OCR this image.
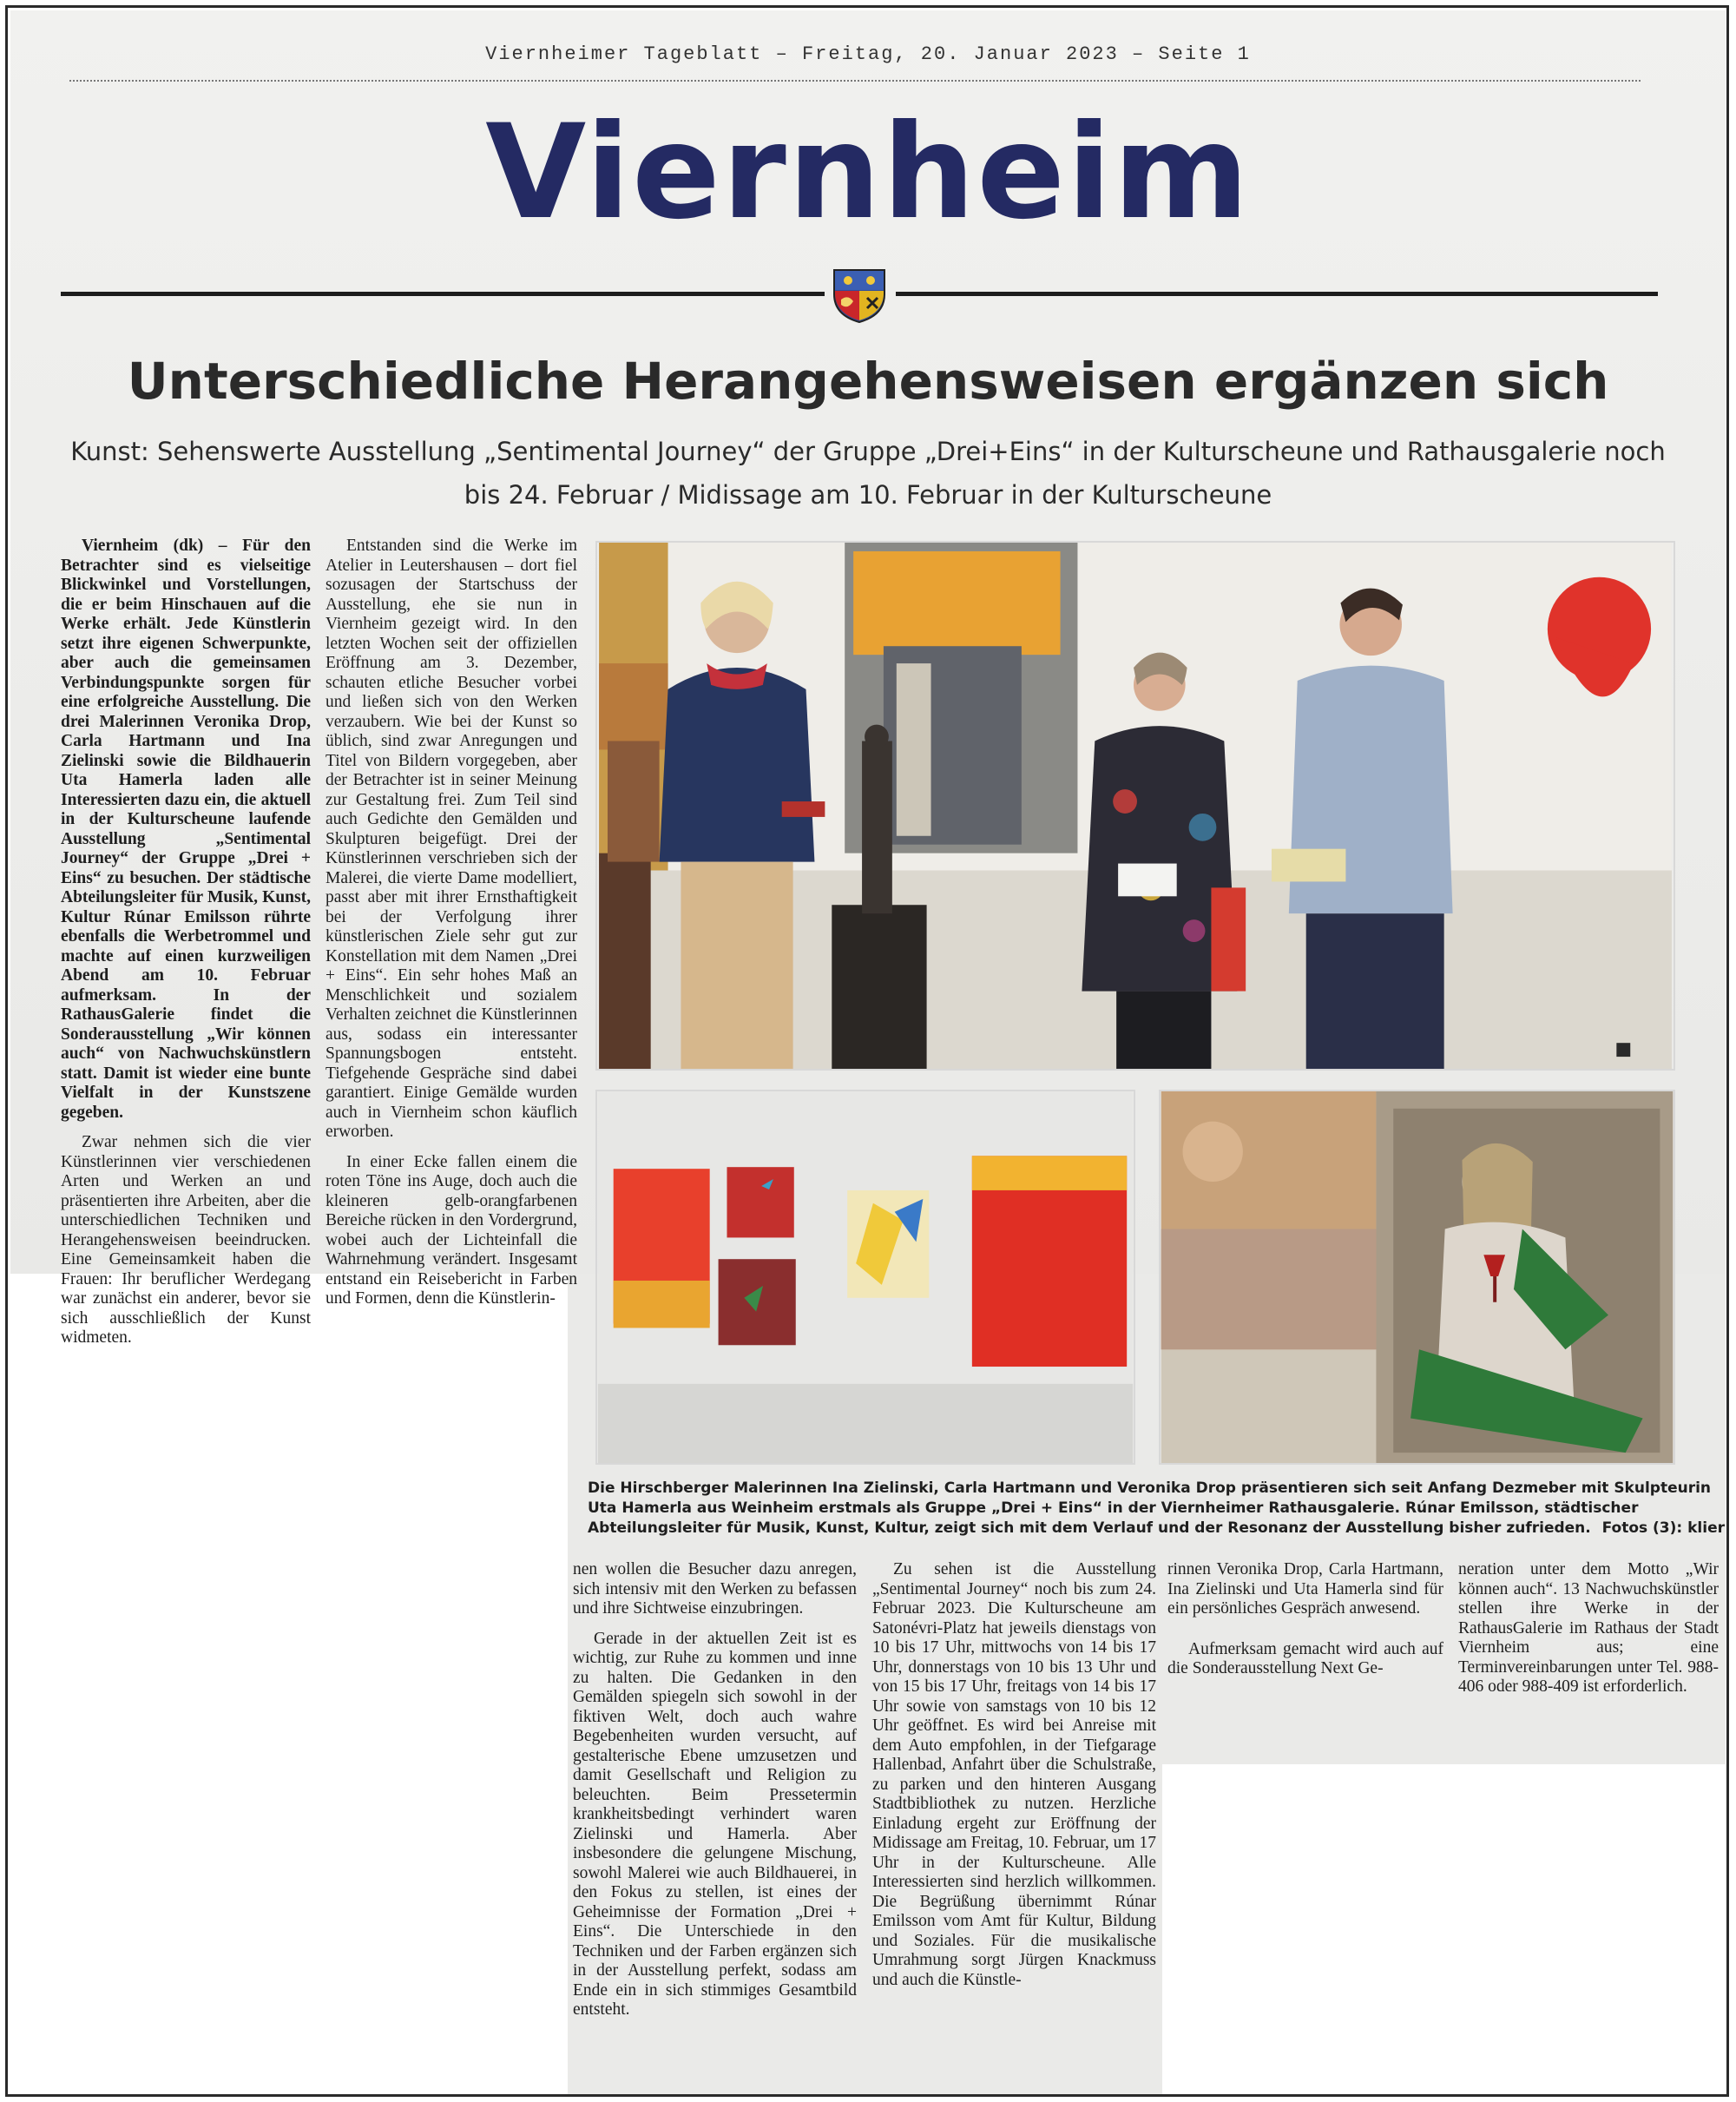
Viernheimer Tageblatt – Freitag, 20. Januar 2023 – Seite 1
Viernheim
Unterschiedliche Herangehensweisen ergänzen sich
Kunst: Sehenswerte Ausstellung „Sentimental Journey“ der Gruppe „Drei+Eins“ in der Kulturscheune und Rathausgalerie noch
bis 24. Februar / Midissage am 10. Februar in der Kulturscheune

Viernheim (dk) – Für den Betrachter sind es vielseitige Blickwinkel und Vorstellungen, die er beim Hinschauen auf die Werke erhält. Jede Künstlerin setzt ihre eigenen Schwerpunkte, aber auch die gemeinsamen Verbindungspunkte sorgen für eine erfolgreiche Ausstellung. Die drei Malerinnen Veronika Drop, Carla Hartmann und Ina Zielinski sowie die Bildhauerin Uta Hamerla laden alle Interessierten dazu ein, die aktuell in der Kulturscheune laufende Ausstellung „Sentimental Journey“ der Gruppe „Drei + Eins“ zu besuchen. Der städtische Abteilungsleiter für Musik, Kunst, Kultur Rúnar Emilsson rührte ebenfalls die Werbetrommel und machte auf einen kurzweiligen Abend am 10. Februar aufmerksam. In der RathausGalerie findet die Sonderausstellung „Wir können auch“ von Nachwuchskünstlern statt. Damit ist wieder eine bunte Vielfalt in der Kunstszene gegeben.

Zwar nehmen sich die vier Künstlerinnen vier verschiedenen Arten und Werken an und präsentierten ihre Arbeiten, aber die unterschiedlichen Techniken und Herangehensweisen beeindrucken. Eine Gemeinsamkeit haben die Frauen: Ihr beruflicher Werdegang war zunächst ein anderer, bevor sie sich ausschließlich der Kunst widmeten.

Entstanden sind die Werke im Atelier in Leutershausen – dort fiel sozusagen der Startschuss der Ausstellung, ehe sie nun in Viernheim gezeigt wird. In den letzten Wochen seit der offiziellen Eröffnung am 3. Dezember, schauten etliche Besucher vorbei und ließen sich von den Werken verzaubern. Wie bei der Kunst so üblich, sind zwar Anregungen und Titel von Bildern vorgegeben, aber der Betrachter ist in seiner Meinung zur Gestaltung frei. Zum Teil sind auch Gedichte den Gemälden und Skulpturen beigefügt. Drei der Künstlerinnen verschrieben sich der Malerei, die vierte Dame modelliert, passt aber mit ihrer Ernsthaftigkeit bei der Verfolgung ihrer künstlerischen Ziele sehr gut zur Konstellation mit dem Namen „Drei + Eins“. Ein sehr hohes Maß an Menschlichkeit und sozialem Verhalten zeichnet die Künstlerinnen aus, sodass ein interessanter Spannungsbogen entsteht. Tiefgehende Gespräche sind dabei garantiert. Einige Gemälde wurden auch in Viernheim schon käuflich erworben.

In einer Ecke fallen einem die roten Töne ins Auge, doch auch die kleineren gelb-orangfarbenen Bereiche rücken in den Vordergrund, wobei auch der Lichteinfall die Wahrnehmung verändert. Insgesamt entstand ein Reisebericht in Farben und Formen, denn die Künstlerin-

Die Hirschberger Malerinnen Ina Zielinski, Carla Hartmann und Veronika Drop präsentieren sich seit Anfang Dezmeber mit Skulpteurin Uta Hamerla aus Weinheim erstmals als Gruppe „Drei + Eins“ in der Viernheimer Rathausgalerie. Rúnar Emilsson, städtischer Abteilungsleiter für Musik, Kunst, Kultur, zeigt sich mit dem Verlauf und der Resonanz der Ausstellung bisher zufrieden. Fotos (3): klier

nen wollen die Besucher dazu anregen, sich intensiv mit den Werken zu befassen und ihre Sichtweise einzubringen.

Gerade in der aktuellen Zeit ist es wichtig, zur Ruhe zu kommen und inne zu halten. Die Gedanken in den Gemälden spiegeln sich sowohl in der fiktiven Welt, doch auch wahre Begebenheiten wurden versucht, auf gestalterische Ebene umzusetzen und damit Gesellschaft und Religion zu beleuchten. Beim Pressetermin krankheitsbedingt verhindert waren Zielinski und Hamerla. Aber insbesondere die gelungene Mischung, sowohl Malerei wie auch Bildhauerei, in den Fokus zu stellen, ist eines der Geheimnisse der Formation „Drei + Eins“. Die Unterschiede in den Techniken und der Farben ergänzen sich in der Ausstellung perfekt, sodass am Ende ein in sich stimmiges Gesamtbild entsteht.

Zu sehen ist die Ausstellung „Sentimental Journey“ noch bis zum 24. Februar 2023. Die Kulturscheune am Satonévri-Platz hat jeweils dienstags von 10 bis 17 Uhr, mittwochs von 14 bis 17 Uhr, donnerstags von 10 bis 13 Uhr und von 15 bis 17 Uhr, freitags von 14 bis 17 Uhr sowie von samstags von 10 bis 12 Uhr geöffnet. Es wird bei Anreise mit dem Auto empfohlen, in der Tiefgarage Hallenbad, Anfahrt über die Schulstraße, zu parken und den hinteren Ausgang Stadtbibliothek zu nutzen. Herzliche Einladung ergeht zur Eröffnung der Midissage am Freitag, 10. Februar, um 17 Uhr in der Kulturscheune. Alle Interessierten sind herzlich willkommen. Die Begrüßung übernimmt Rúnar Emilsson vom Amt für Kultur, Bildung und Soziales. Für die musikalische Umrahmung sorgt Jürgen Knackmuss und auch die Künstle-

rinnen Veronika Drop, Carla Hartmann, Ina Zielinski und Uta Hamerla sind für ein persönliches Gespräch anwesend.

Aufmerksam gemacht wird auch auf die Sonderausstellung Next Ge-

neration unter dem Motto „Wir können auch“. 13 Nachwuchskünstler stellen ihre Werke in der RathausGalerie im Rathaus der Stadt Viernheim aus; eine Terminvereinbarungen unter Tel. 988-406 oder 988-409 ist erforderlich.
